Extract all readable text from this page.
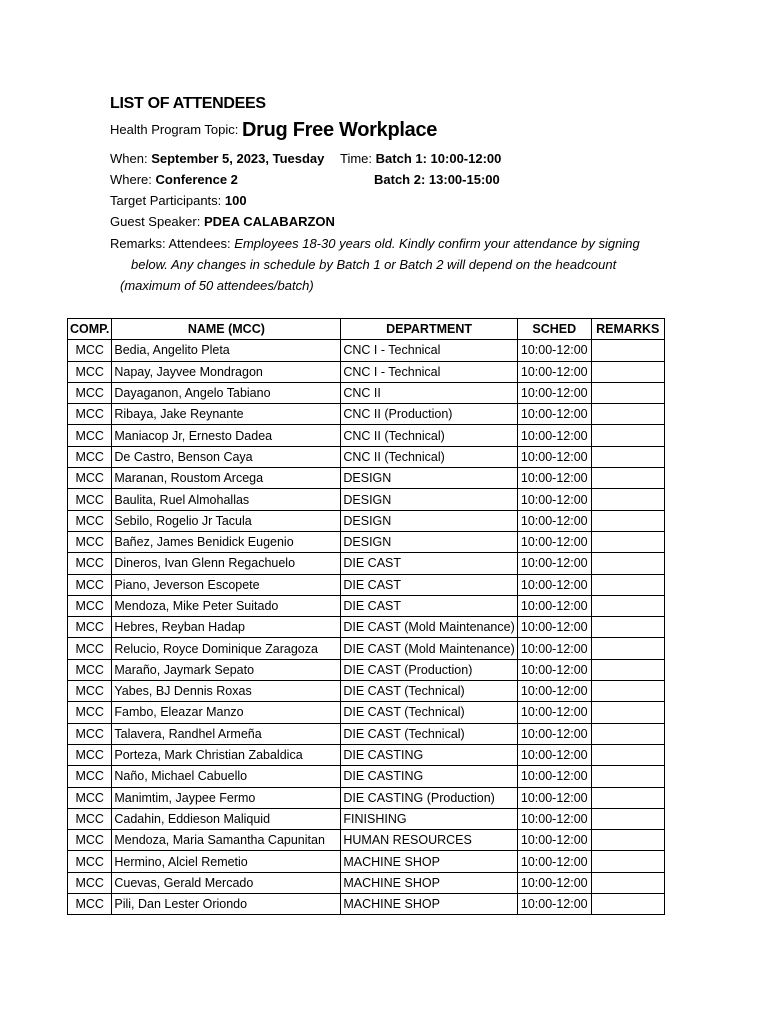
LIST OF ATTENDEES
Health Program Topic: Drug Free Workplace
When: September 5, 2023, Tuesday Time: Batch 1: 10:00-12:00
Where: Conference 2	Batch 2: 13:00-15:00
Target Participants: 100
Guest Speaker: PDEA CALABARZON
Remarks: Attendees: Employees 18-30 years old. Kindly confirm your attendance by signing
below. Any changes in schedule by Batch 1 or Batch 2 will depend on the headcount
(maximum of 50 attendees/batch)
COMP.	NAME (MCC)	DEPARTMENT	SCHED	REMARKS
MCC	Bedia, Angelito Pleta	CNC I - Technical	10:00-12:00	
MCC	Napay, Jayvee Mondragon	CNC I - Technical	10:00-12:00	
MCC	Dayaganon, Angelo Tabiano	CNC II	10:00-12:00	
MCC	Ribaya, Jake Reynante	CNC II (Production)	10:00-12:00	
MCC	Maniacop Jr, Ernesto Dadea	CNC II (Technical)	10:00-12:00	
MCC	De Castro, Benson Caya	CNC II (Technical)	10:00-12:00	
MCC	Maranan, Roustom Arcega	DESIGN	10:00-12:00	
MCC	Baulita, Ruel Almohallas	DESIGN	10:00-12:00	
MCC	Sebilo, Rogelio Jr Tacula	DESIGN	10:00-12:00	
MCC	Bañez, James Benidick Eugenio	DESIGN	10:00-12:00	
MCC	Dineros, Ivan Glenn Regachuelo	DIE CAST	10:00-12:00	
MCC	Piano, Jeverson Escopete	DIE CAST	10:00-12:00	
MCC	Mendoza, Mike Peter Suitado	DIE CAST	10:00-12:00	
MCC	Hebres, Reyban Hadap	DIE CAST (Mold Maintenance)	10:00-12:00	
MCC	Relucio, Royce Dominique Zaragoza	DIE CAST (Mold Maintenance)	10:00-12:00	
MCC	Maraño, Jaymark Sepato	DIE CAST (Production)	10:00-12:00	
MCC	Yabes, BJ Dennis Roxas	DIE CAST (Technical)	10:00-12:00	
MCC	Fambo, Eleazar Manzo	DIE CAST (Technical)	10:00-12:00	
MCC	Talavera, Randhel Armeña	DIE CAST (Technical)	10:00-12:00	
MCC	Porteza, Mark Christian Zabaldica	DIE CASTING	10:00-12:00	
MCC	Naño, Michael Cabuello	DIE CASTING	10:00-12:00	
MCC	Manimtim, Jaypee Fermo	DIE CASTING (Production)	10:00-12:00	
MCC	Cadahin, Eddieson Maliquid	FINISHING	10:00-12:00	
MCC	Mendoza, Maria Samantha Capunitan	HUMAN RESOURCES	10:00-12:00	
MCC	Hermino, Alciel Remetio	MACHINE SHOP	10:00-12:00	
MCC	Cuevas, Gerald Mercado	MACHINE SHOP	10:00-12:00	
MCC	Pili, Dan Lester Oriondo	MACHINE SHOP	10:00-12:00	
